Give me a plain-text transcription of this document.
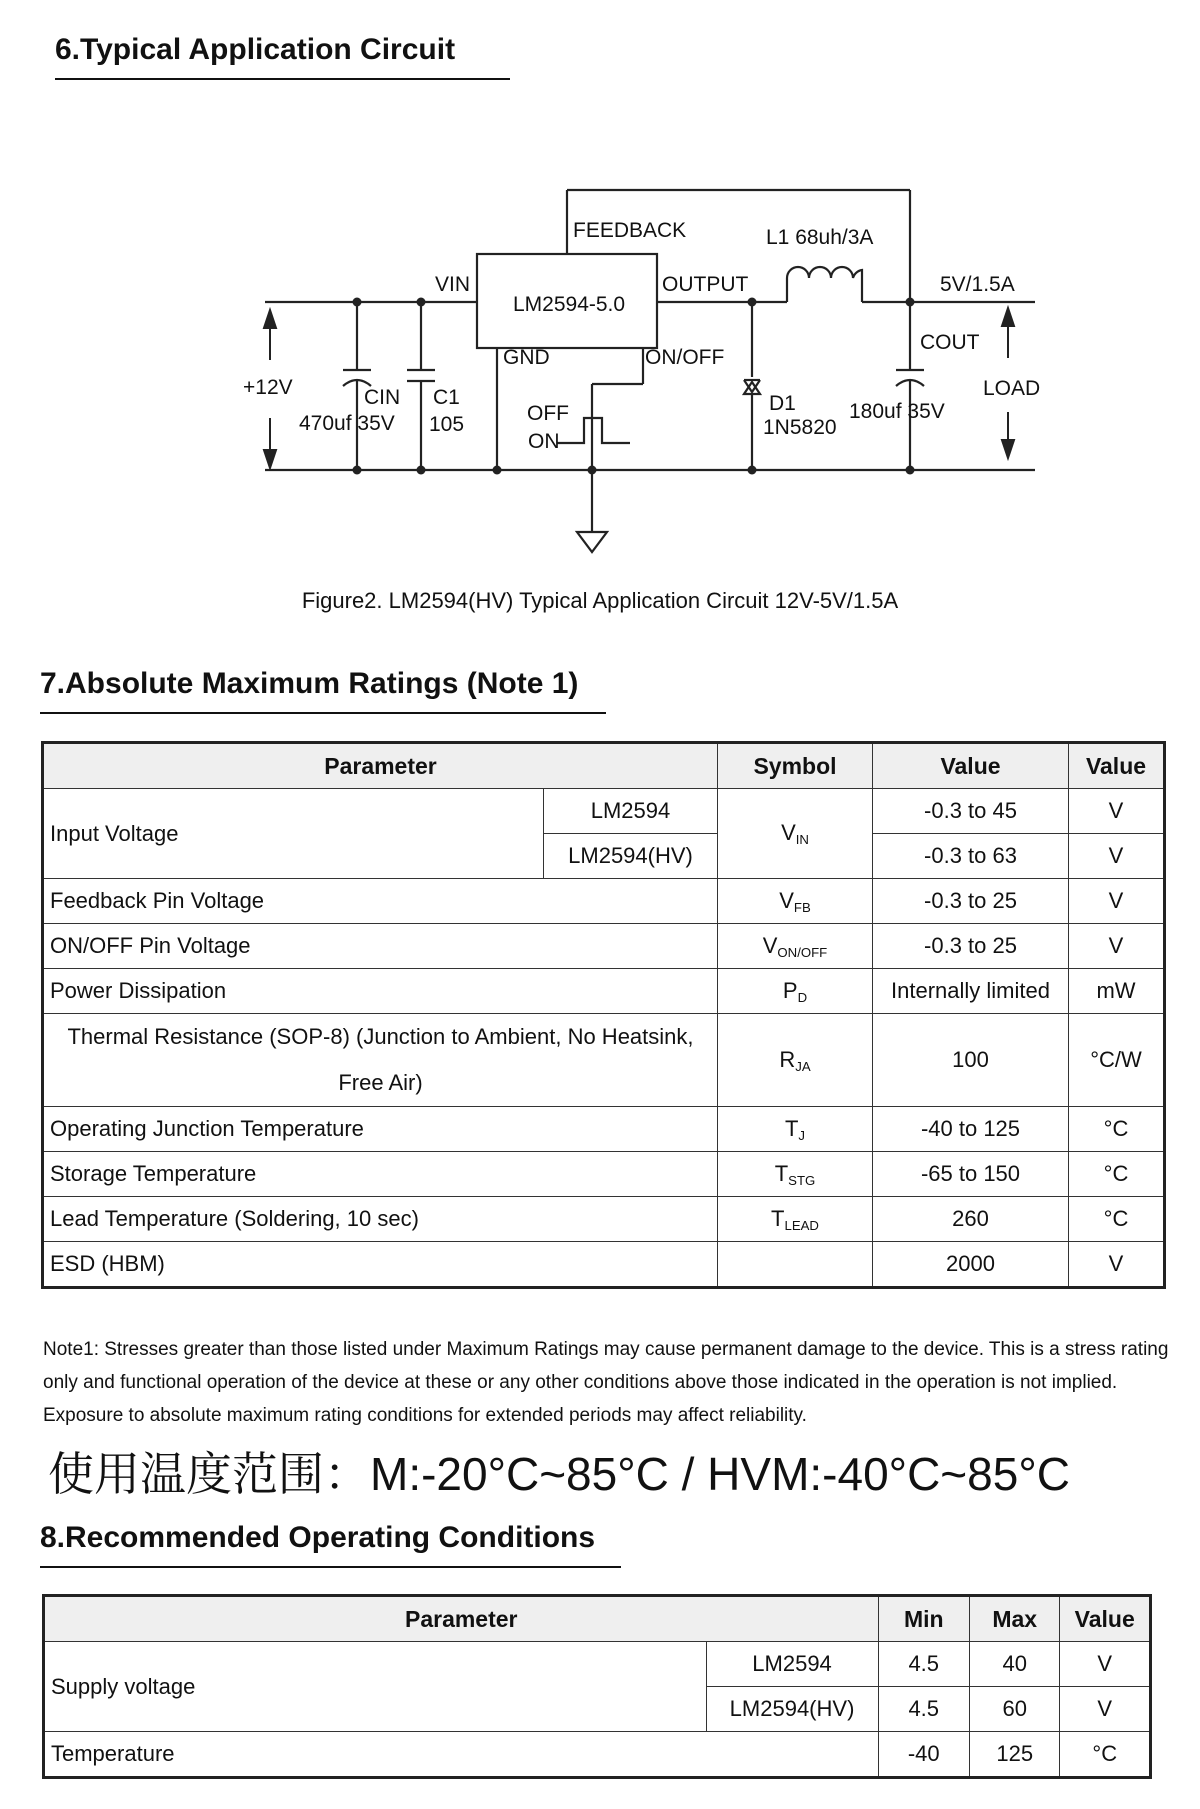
6.Typical Application Circuit
FEEDBACK	L1 68uh/3A
VIN	OUTPUT
LM2594-5.0
5V/1.5A
COUT
GND	ON/OFF
LOAD
+12V	CIN C1
470uf 35V 105	OFF
ON
D1
1N5820
180uf 35V

Figure2. LM2594(HV) Typical Application Circuit 12V-5V/1.5A

7.Absolute Maximum Ratings (Note 1)
Parameter		Symbol	Value	Value
Input Voltage	LM2594	$V_{IN}$	-0.3 to 45	V
	LM2594(HV)		-0.3 to 63	V
Feedback Pin Voltage		$V_{FB}$	-0.3 to 25	V
ON/OFF Pin Voltage		$V_{ON/OFF}$	-0.3 to 25	V
Power Dissipation		$P_D$	Internally limited	mW
Thermal Resistance (SOP-8) (Junction to Ambient, No Heatsink,
Free Air)		$R_{JA}$	100	°C/W
Operating Junction Temperature		$T_J$	-40 to 125	°C
Storage Temperature		$T_{STG}$	-65 to 150	°C
Lead Temperature (Soldering, 10 sec)		$T_{LEAD}$	260	°C
ESD (HBM)			2000	V

Note1: Stresses greater than those listed under Maximum Ratings may cause permanent damage to the device. This is a stress rating only and functional operation of the device at these or any other conditions above those indicated in the operation is not implied. Exposure to absolute maximum rating conditions for extended periods may affect reliability.

使用温度范围：M:-20°C~85°C / HVM:-40°C~85°C

8.Recommended Operating Conditions
Parameter		Min	Max	Value
Supply voltage	LM2594	4.5	40	V
	LM2594(HV)	4.5	60	V
Temperature		-40	125	°C
